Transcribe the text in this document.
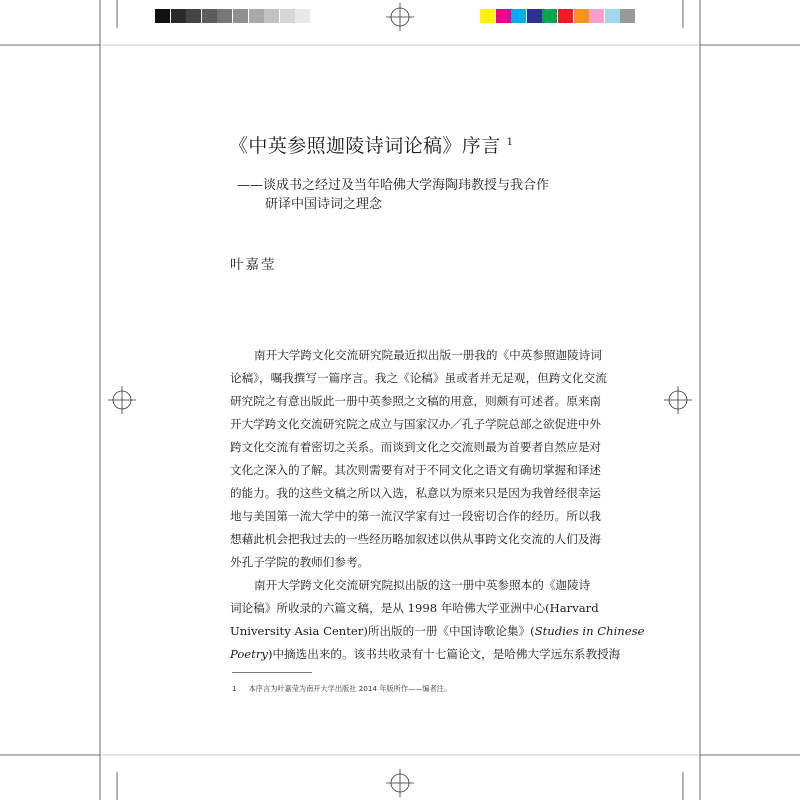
《中英参照迦陵诗词论稿》序言 $^1$
——谈成书之经过及当年哈佛大学海陶玮教授与我合作
研译中国诗词之理念
叶嘉莹
南开大学跨文化交流研究院最近拟出版一册我的《中英参照迦陵诗词
论稿》，嘱我撰写一篇序言。我之《论稿》虽或者并无足观，但跨文化交流
研究院之有意出版此一册中英参照之文稿的用意，则颇有可述者。原来南
开大学跨文化交流研究院之成立与国家汉办／孔子学院总部之欲促进中外
跨文化交流有着密切之关系。而谈到文化之交流则最为首要者自然应是对
文化之深入的了解。其次则需要有对于不同文化之语文有确切掌握和译述
的能力。我的这些文稿之所以入选，私意以为原来只是因为我曾经很幸运
地与美国第一流大学中的第一流汉学家有过一段密切合作的经历。所以我
想藉此机会把我过去的一些经历略加叙述以供从事跨文化交流的人们及海
外孔子学院的教师们参考。
南开大学跨文化交流研究院拟出版的这一册中英参照本的《迦陵诗
词论稿》所收录的六篇文稿，是从 1998 年哈佛大学亚洲中心(Harvard
University Asia Center)所出版的一册《中国诗歌论集》(Studies in Chinese
Poetry)中摘选出来的。该书共收录有十七篇论文，是哈佛大学远东系教授海
1 本序言为叶嘉莹为南开大学出版社 2014 年版所作——编者注。
